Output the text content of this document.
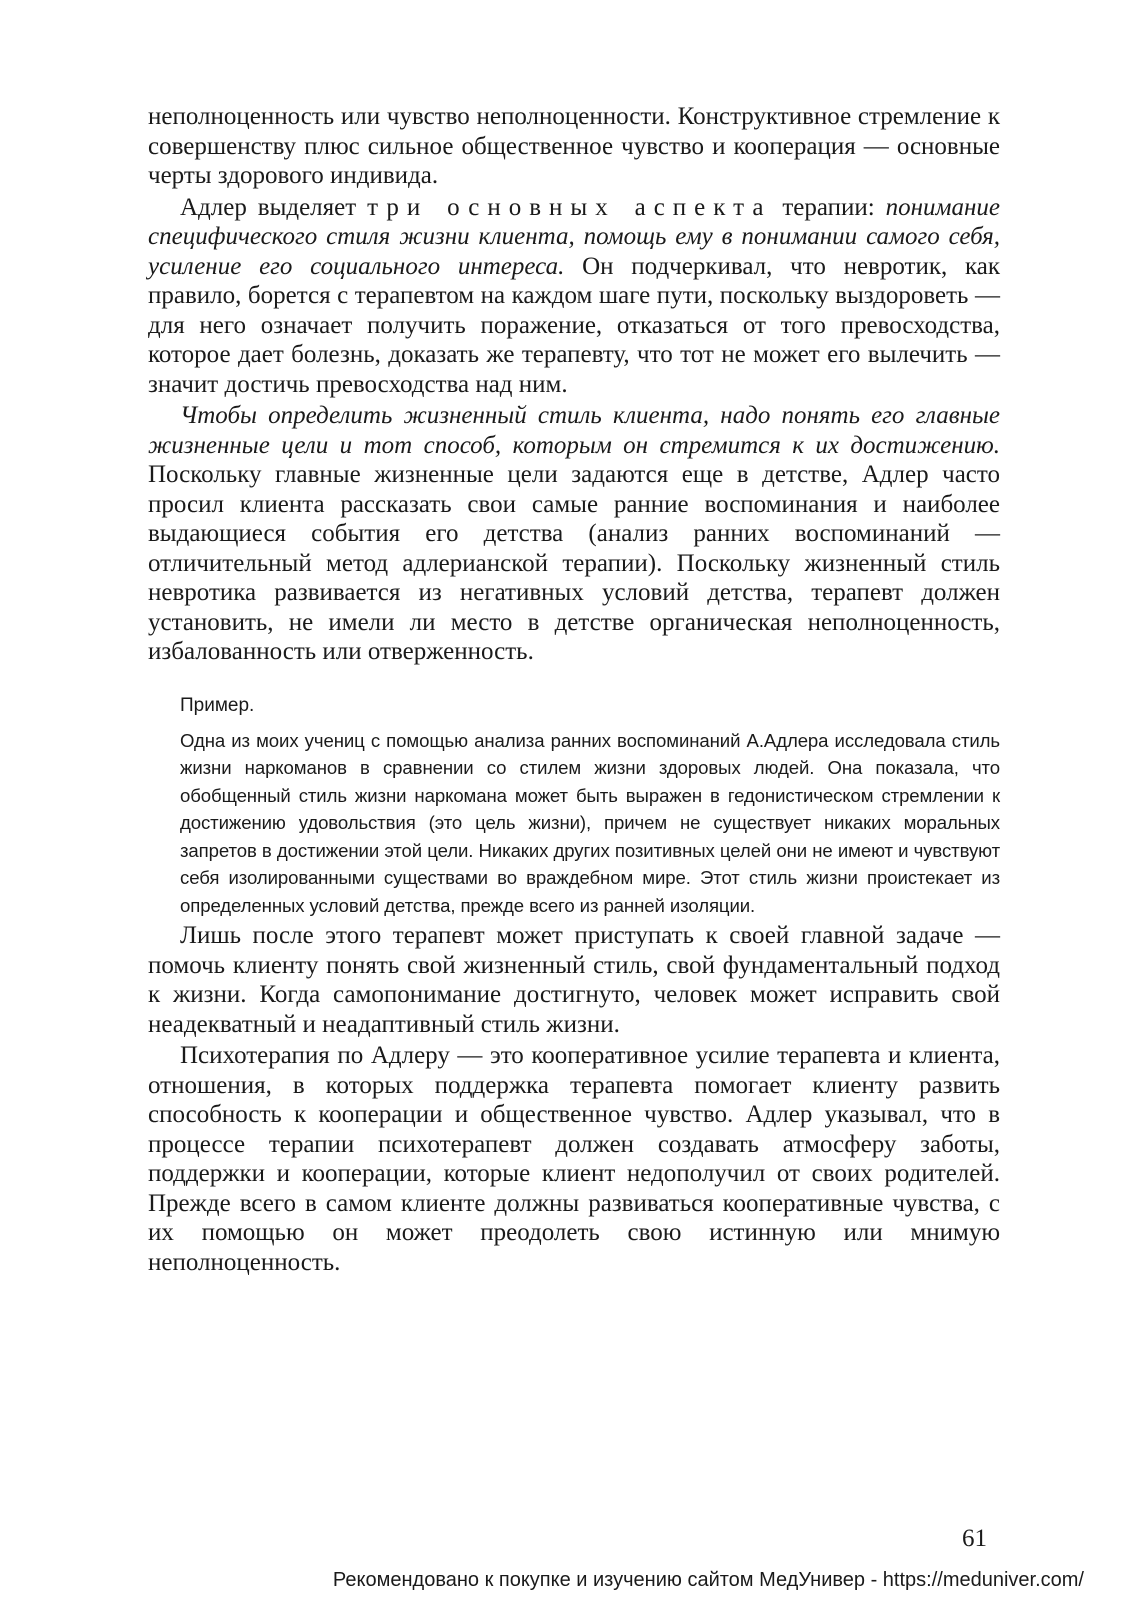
неполноценность или чувство неполноценности. Конструктивное стремление к совершенству плюс сильное общественное чувство и кооперация — основные черты здорового индивида.

Адлер выделяет три основных аспекта терапии: понимание специфического стиля жизни клиента, помощь ему в понимании самого себя, усиление его социального интереса. Он подчеркивал, что невротик, как правило, борется с терапевтом на каждом шаге пути, поскольку выздороветь — для него означает получить поражение, отказаться от того превосходства, которое дает болезнь, доказать же терапевту, что тот не может его вылечить — значит достичь превосходства над ним.

Чтобы определить жизненный стиль клиента, надо понять его главные жизненные цели и тот способ, которым он стремится к их достижению. Поскольку главные жизненные цели задаются еще в детстве, Адлер часто просил клиента рассказать свои самые ранние воспоминания и наиболее выдающиеся события его детства (анализ ранних воспоминаний — отличительный метод адлерианской терапии). Поскольку жизненный стиль невротика развивается из негативных условий детства, терапевт должен установить, не имели ли место в детстве органическая неполноценность, избалованность или отверженность.

Пример.

Одна из моих учениц с помощью анализа ранних воспоминаний А.Адлера исследовала стиль жизни наркоманов в сравнении со стилем жизни здоровых людей. Она показала, что обобщенный стиль жизни наркомана может быть выражен в гедонистическом стремлении к достижению удовольствия (это цель жизни), причем не существует никаких моральных запретов в достижении этой цели. Никаких других позитивных целей они не имеют и чувствуют себя изолированными существами во враждебном мире. Этот стиль жизни проистекает из определенных условий детства, прежде всего из ранней изоляции.

Лишь после этого терапевт может приступать к своей главной задаче — помочь клиенту понять свой жизненный стиль, свой фундаментальный подход к жизни. Когда самопонимание достигнуто, человек может исправить свой неадекватный и неадаптивный стиль жизни.

Психотерапия по Адлеру — это кооперативное усилие терапевта и клиента, отношения, в которых поддержка терапевта помогает клиенту развить способность к кооперации и общественное чувство. Адлер указывал, что в процессе терапии психотерапевт должен создавать атмосферу заботы, поддержки и кооперации, которые клиент недополучил от своих родителей. Прежде всего в самом клиенте должны развиваться кооперативные чувства, с их помощью он может преодолеть свою истинную или мнимую неполноценность.

61
Рекомендовано к покупке и изучению сайтом МедУнивер - https://meduniver.com/
